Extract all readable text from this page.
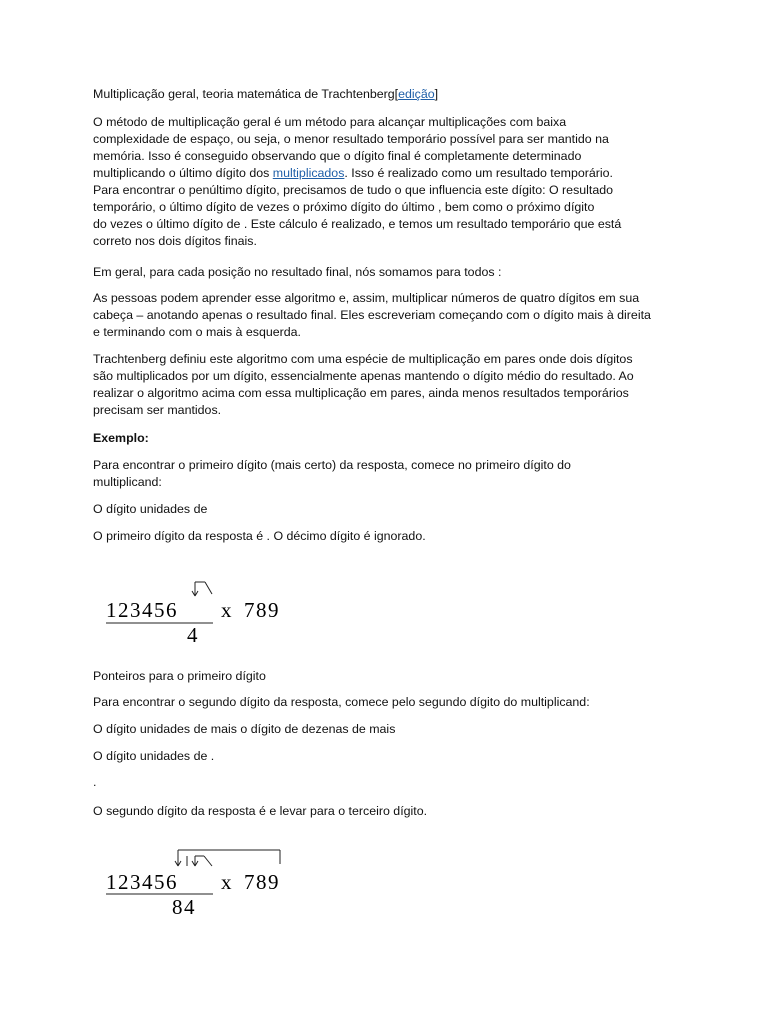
Multiplicação geral, teoria matemática de Trachtenberg[edição]
O método de multiplicação geral é um método para alcançar multiplicações com baixa
complexidade de espaço, ou seja, o menor resultado temporário possível para ser mantido na
memória. Isso é conseguido observando que o dígito final é completamente determinado
multiplicando o último dígito dos multiplicados. Isso é realizado como um resultado temporário.
Para encontrar o penúltimo dígito, precisamos de tudo o que influencia este dígito: O resultado
temporário, o último dígito de vezes o próximo dígito do último , bem como o próximo dígito
do vezes o último dígito de . Este cálculo é realizado, e temos um resultado temporário que está
correto nos dois dígitos finais.
Em geral, para cada posição no resultado final, nós somamos para todos :
As pessoas podem aprender esse algoritmo e, assim, multiplicar números de quatro dígitos em sua
cabeça – anotando apenas o resultado final. Eles escreveriam começando com o dígito mais à direita
e terminando com o mais à esquerda.
Trachtenberg definiu este algoritmo com uma espécie de multiplicação em pares onde dois dígitos
são multiplicados por um dígito, essencialmente apenas mantendo o dígito médio do resultado. Ao
realizar o algoritmo acima com essa multiplicação em pares, ainda menos resultados temporários
precisam ser mantidos.
Exemplo:
Para encontrar o primeiro dígito (mais certo) da resposta, comece no primeiro dígito do
multiplicand:
O dígito unidades de
O primeiro dígito da resposta é . O décimo dígito é ignorado.
123456 x 789
4
Ponteiros para o primeiro dígito
Para encontrar o segundo dígito da resposta, comece pelo segundo dígito do multiplicand:
O dígito unidades de mais o dígito de dezenas de mais
O dígito unidades de .
.
O segundo dígito da resposta é e levar para o terceiro dígito.
123456 x 789
84
